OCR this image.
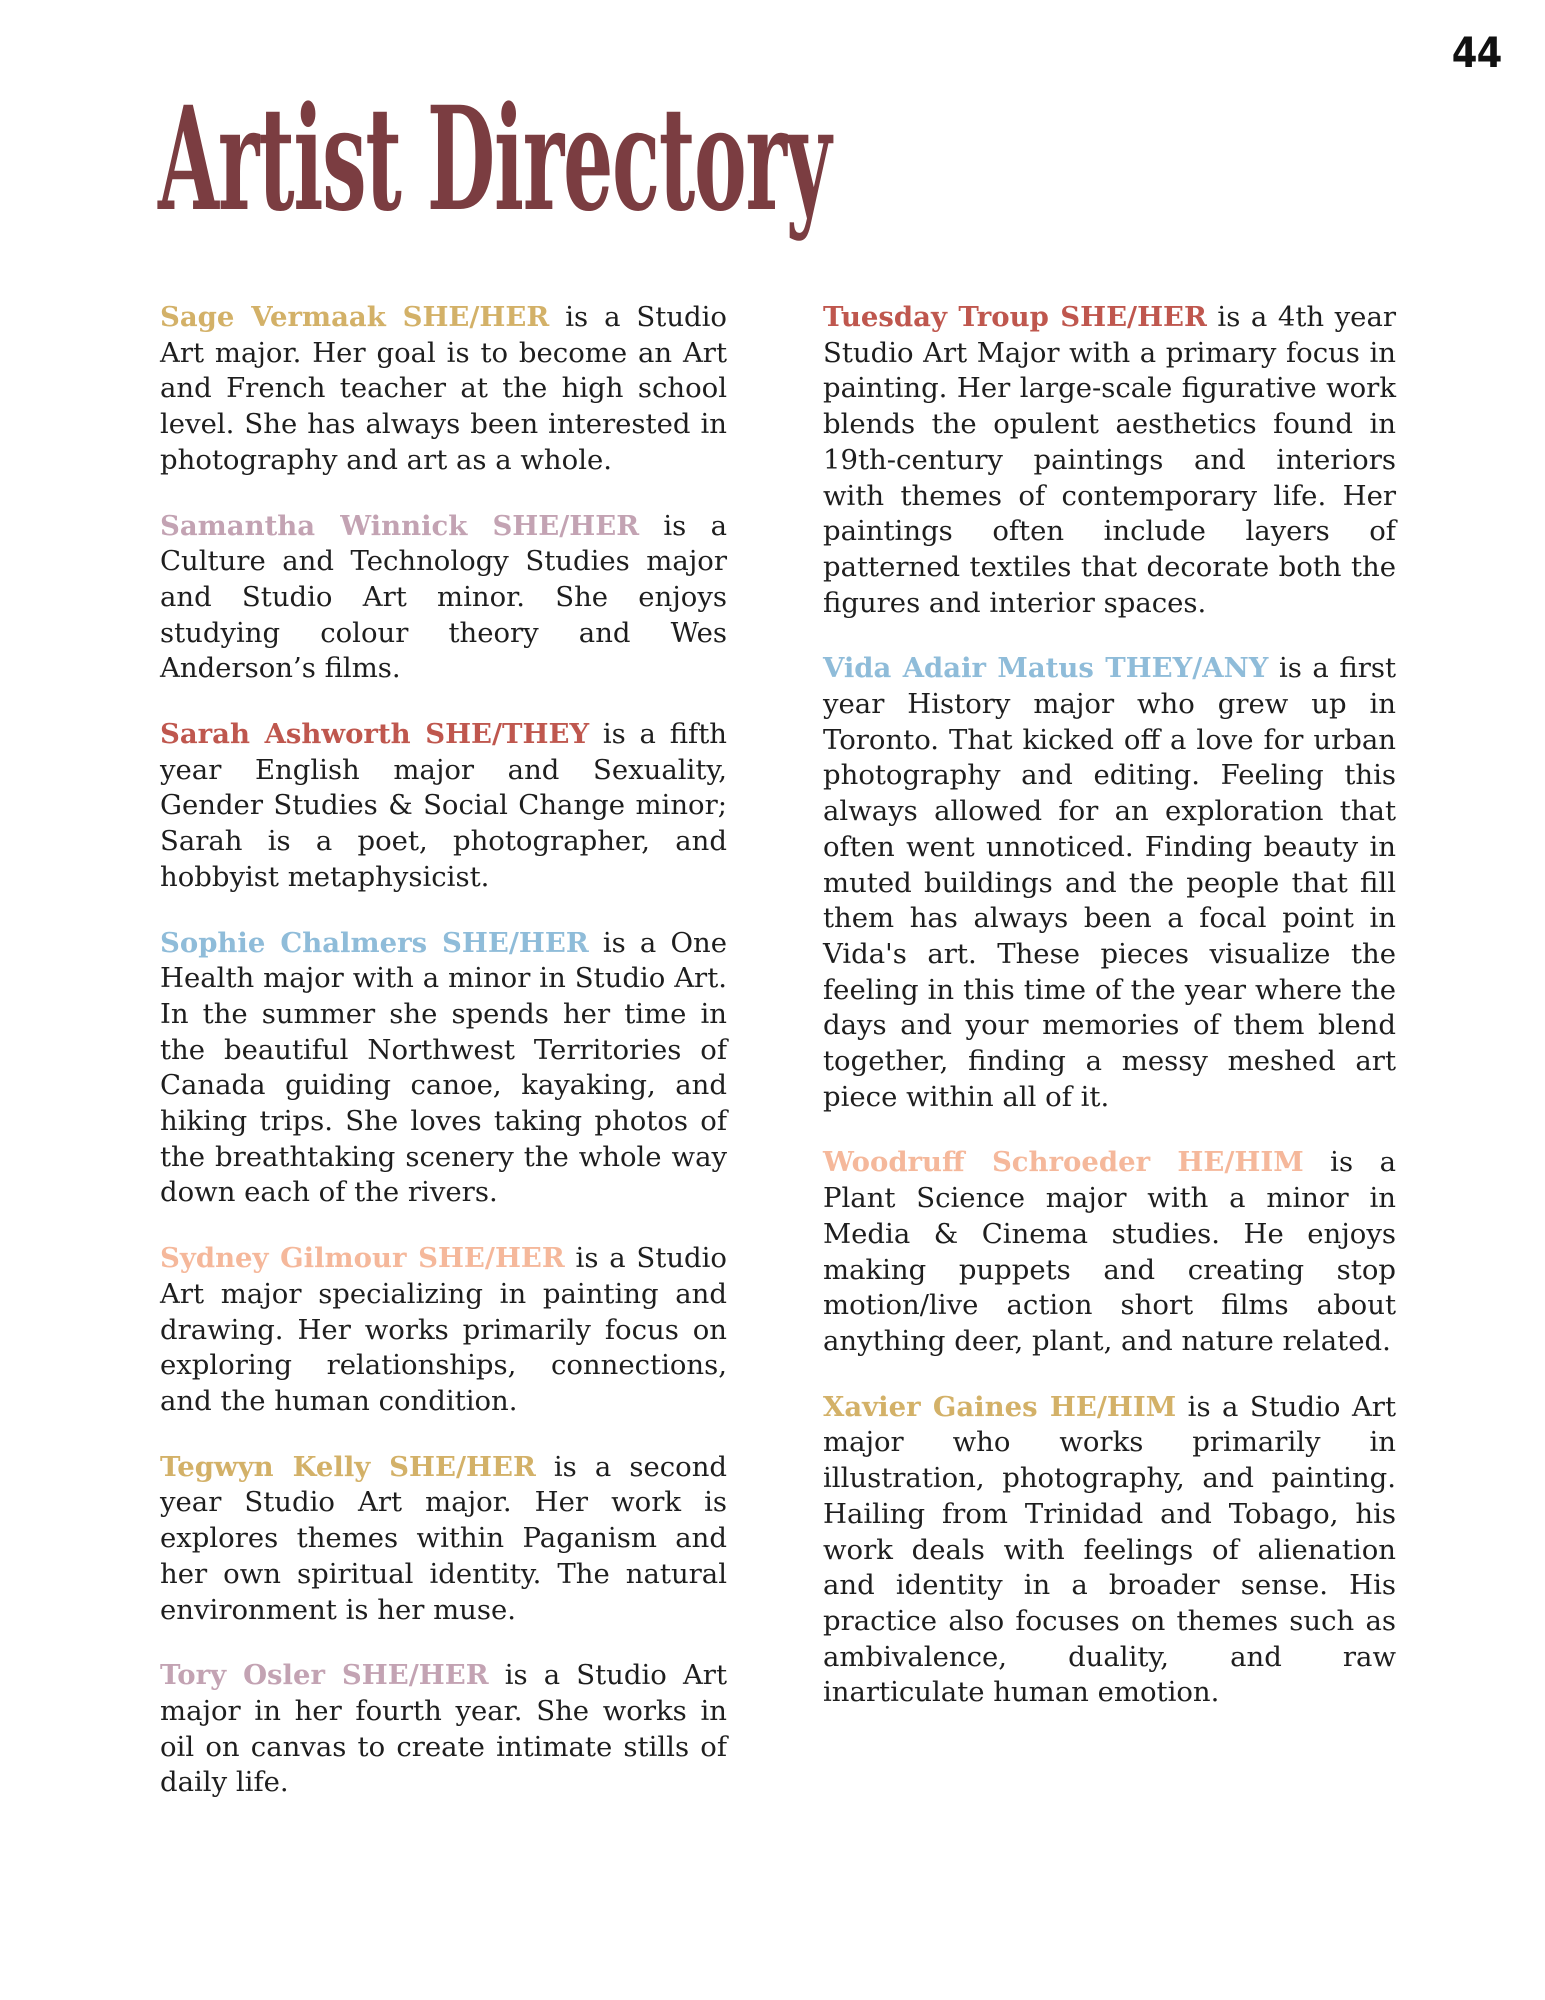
44
Artist Directory

Sage Vermaak SHE/HER is a Studio Art major. Her goal is to become an Art and French teacher at the high school level. She has always been interested in photography and art as a whole.

Samantha Winnick SHE/HER is a Culture and Technology Studies major and Studio Art minor. She enjoys studying colour theory and Wes Anderson’s films.

Sarah Ashworth SHE/THEY is a fifth year English major and Sexuality, Gender Studies & Social Change minor; Sarah is a poet, photographer, and hobbyist metaphysicist.

Sophie Chalmers SHE/HER is a One Health major with a minor in Studio Art. In the summer she spends her time in the beautiful Northwest Territories of Canada guiding canoe, kayaking, and hiking trips. She loves taking photos of the breathtaking scenery the whole way down each of the rivers.

Sydney Gilmour SHE/HER is a Studio Art major specializing in painting and drawing. Her works primarily focus on exploring relationships, connections, and the human condition.

Tegwyn Kelly SHE/HER is a second year Studio Art major. Her work is explores themes within Paganism and her own spiritual identity. The natural environment is her muse.

Tory Osler SHE/HER is a Studio Art major in her fourth year. She works in oil on canvas to create intimate stills of daily life.

Tuesday Troup SHE/HER is a 4th year Studio Art Major with a primary focus in painting. Her large-scale figurative work blends the opulent aesthetics found in 19th-century paintings and interiors with themes of contemporary life. Her paintings often include layers of patterned textiles that decorate both the figures and interior spaces.

Vida Adair Matus THEY/ANY is a first year History major who grew up in Toronto. That kicked off a love for urban photography and editing. Feeling this always allowed for an exploration that often went unnoticed. Finding beauty in muted buildings and the people that fill them has always been a focal point in Vida's art. These pieces visualize the feeling in this time of the year where the days and your memories of them blend together, finding a messy meshed art piece within all of it.

Woodruff Schroeder HE/HIM is a Plant Science major with a minor in Media & Cinema studies. He enjoys making puppets and creating stop motion/live action short films about anything deer, plant, and nature related.

Xavier Gaines HE/HIM is a Studio Art major who works primarily in illustration, photography, and painting. Hailing from Trinidad and Tobago, his work deals with feelings of alienation and identity in a broader sense. His practice also focuses on themes such as ambivalence, duality, and raw inarticulate human emotion.
